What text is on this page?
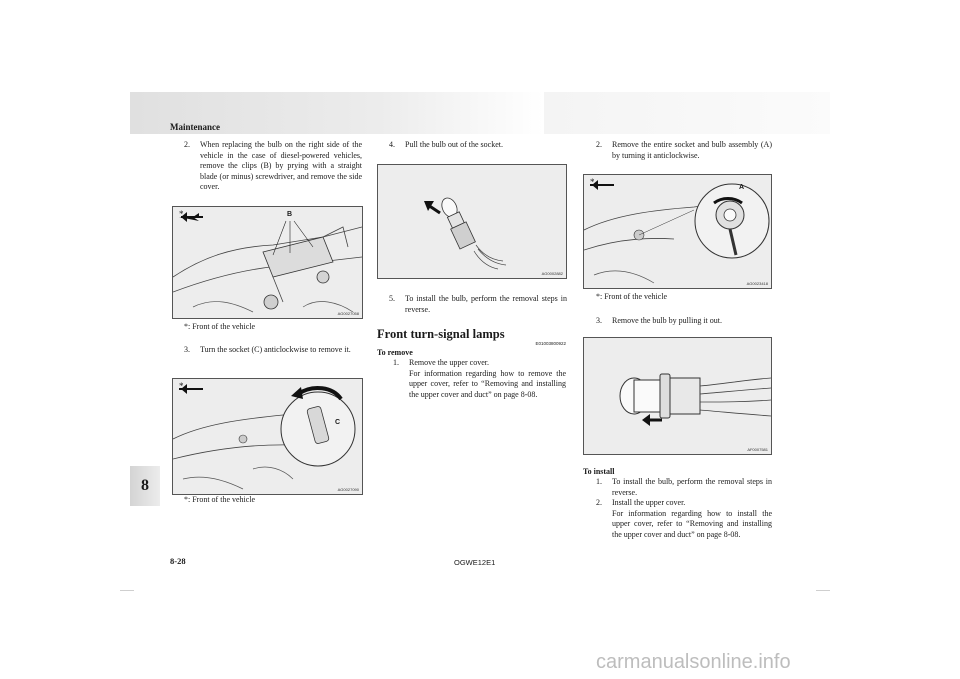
Maintenance
8
2. When replacing the bulb on the right side of the vehicle in the case of diesel-powered vehicles, remove the clips (B) by prying with a straight blade (or minus) screwdriver, and remove the side cover.
*	B
AG0027058
*: Front of the vehicle
3. Turn the socket (C) anticlockwise to remove it.
*
C
AG0027090
*: Front of the vehicle
4. Pull the bulb out of the socket.
AG0002882
5. To install the bulb, perform the removal steps in reverse.
Front turn-signal lamps
E01003800922
To remove
1. Remove the upper cover.
For information regarding how to remove the upper cover, refer to “Removing and installing the upper cover and duct” on page 8-08.
2. Remove the entire socket and bulb assembly (A) by turning it anticlockwise.
*
A
AG0023418
*: Front of the vehicle
3. Remove the bulb by pulling it out.
AF0007581
To install
1. To install the bulb, perform the removal steps in reverse.
2. Install the upper cover.
For information regarding how to install the upper cover, refer to “Removing and installing the upper cover and duct” on page 8-08.
8-28	OGWE12E1
carmanualsonline.info
